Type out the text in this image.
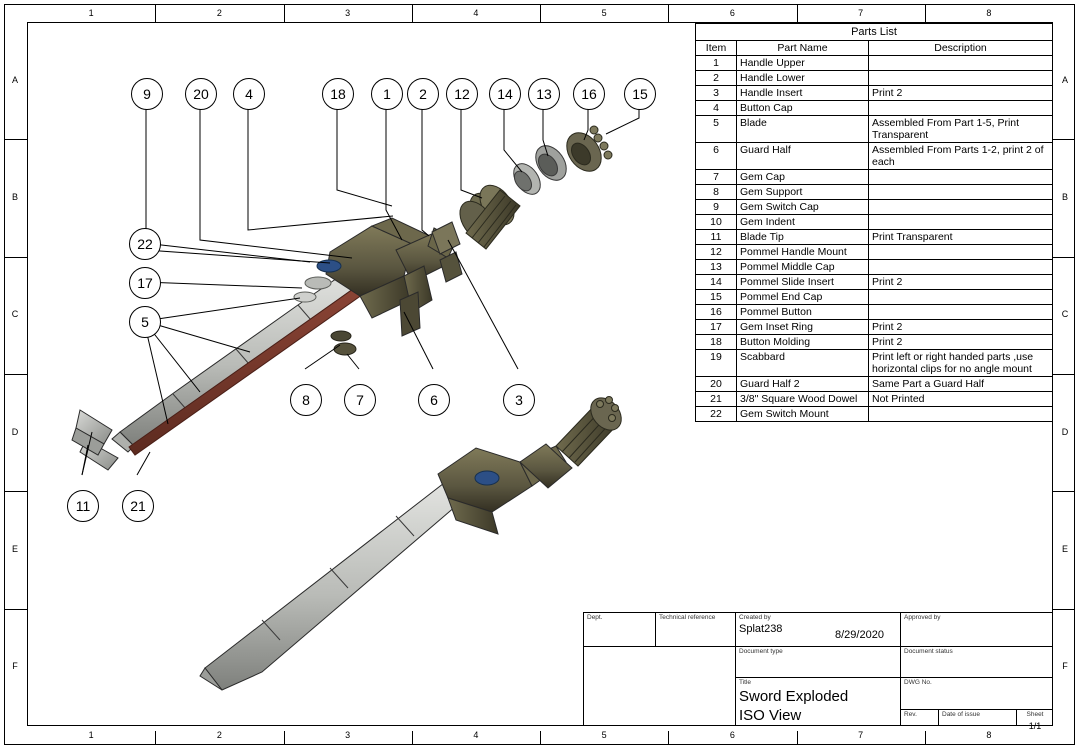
1
1
2
2
3
3
4
4
5
5
6
6
7
7
8
8
A	A
B	B
C	C
D	D
E	E
F	F
9	20	4	18	1	2	12	14	13	16	15
22
17
5
8	7	6	3
11	21
Parts List		
Item	Part Name	Description
1	Handle Upper	
2	Handle Lower	
3	Handle Insert	Print 2
4	Button Cap	
5	Blade	Assembled From Part 1-5, Print Transparent
6	Guard Half	Assembled From Parts 1-2, print 2 of each
7	Gem Cap	
8	Gem Support	
9	Gem Switch Cap	
10	Gem Indent	
11	Blade Tip	Print Transparent
12	Pommel Handle Mount	
13	Pommel Middle Cap	
14	Pommel Slide Insert	Print 2
15	Pommel End Cap	
16	Pommel Button	
17	Gem Inset Ring	Print 2
18	Button Molding	Print 2
19	Scabbard	Print left or right handed parts ,use horizontal clips for no angle mount
20	Guard Half 2	Same Part a Guard Half
21	3/8" Square Wood Dowel	Not Printed
22	Gem Switch Mount	
Dept.	Technical reference	Created by
Splat238	8/29/2020
Approved by
Document type	Document status
Title
Sword Exploded
ISO View
DWG No.
Rev.	Date of issue	Sheet
1/1
